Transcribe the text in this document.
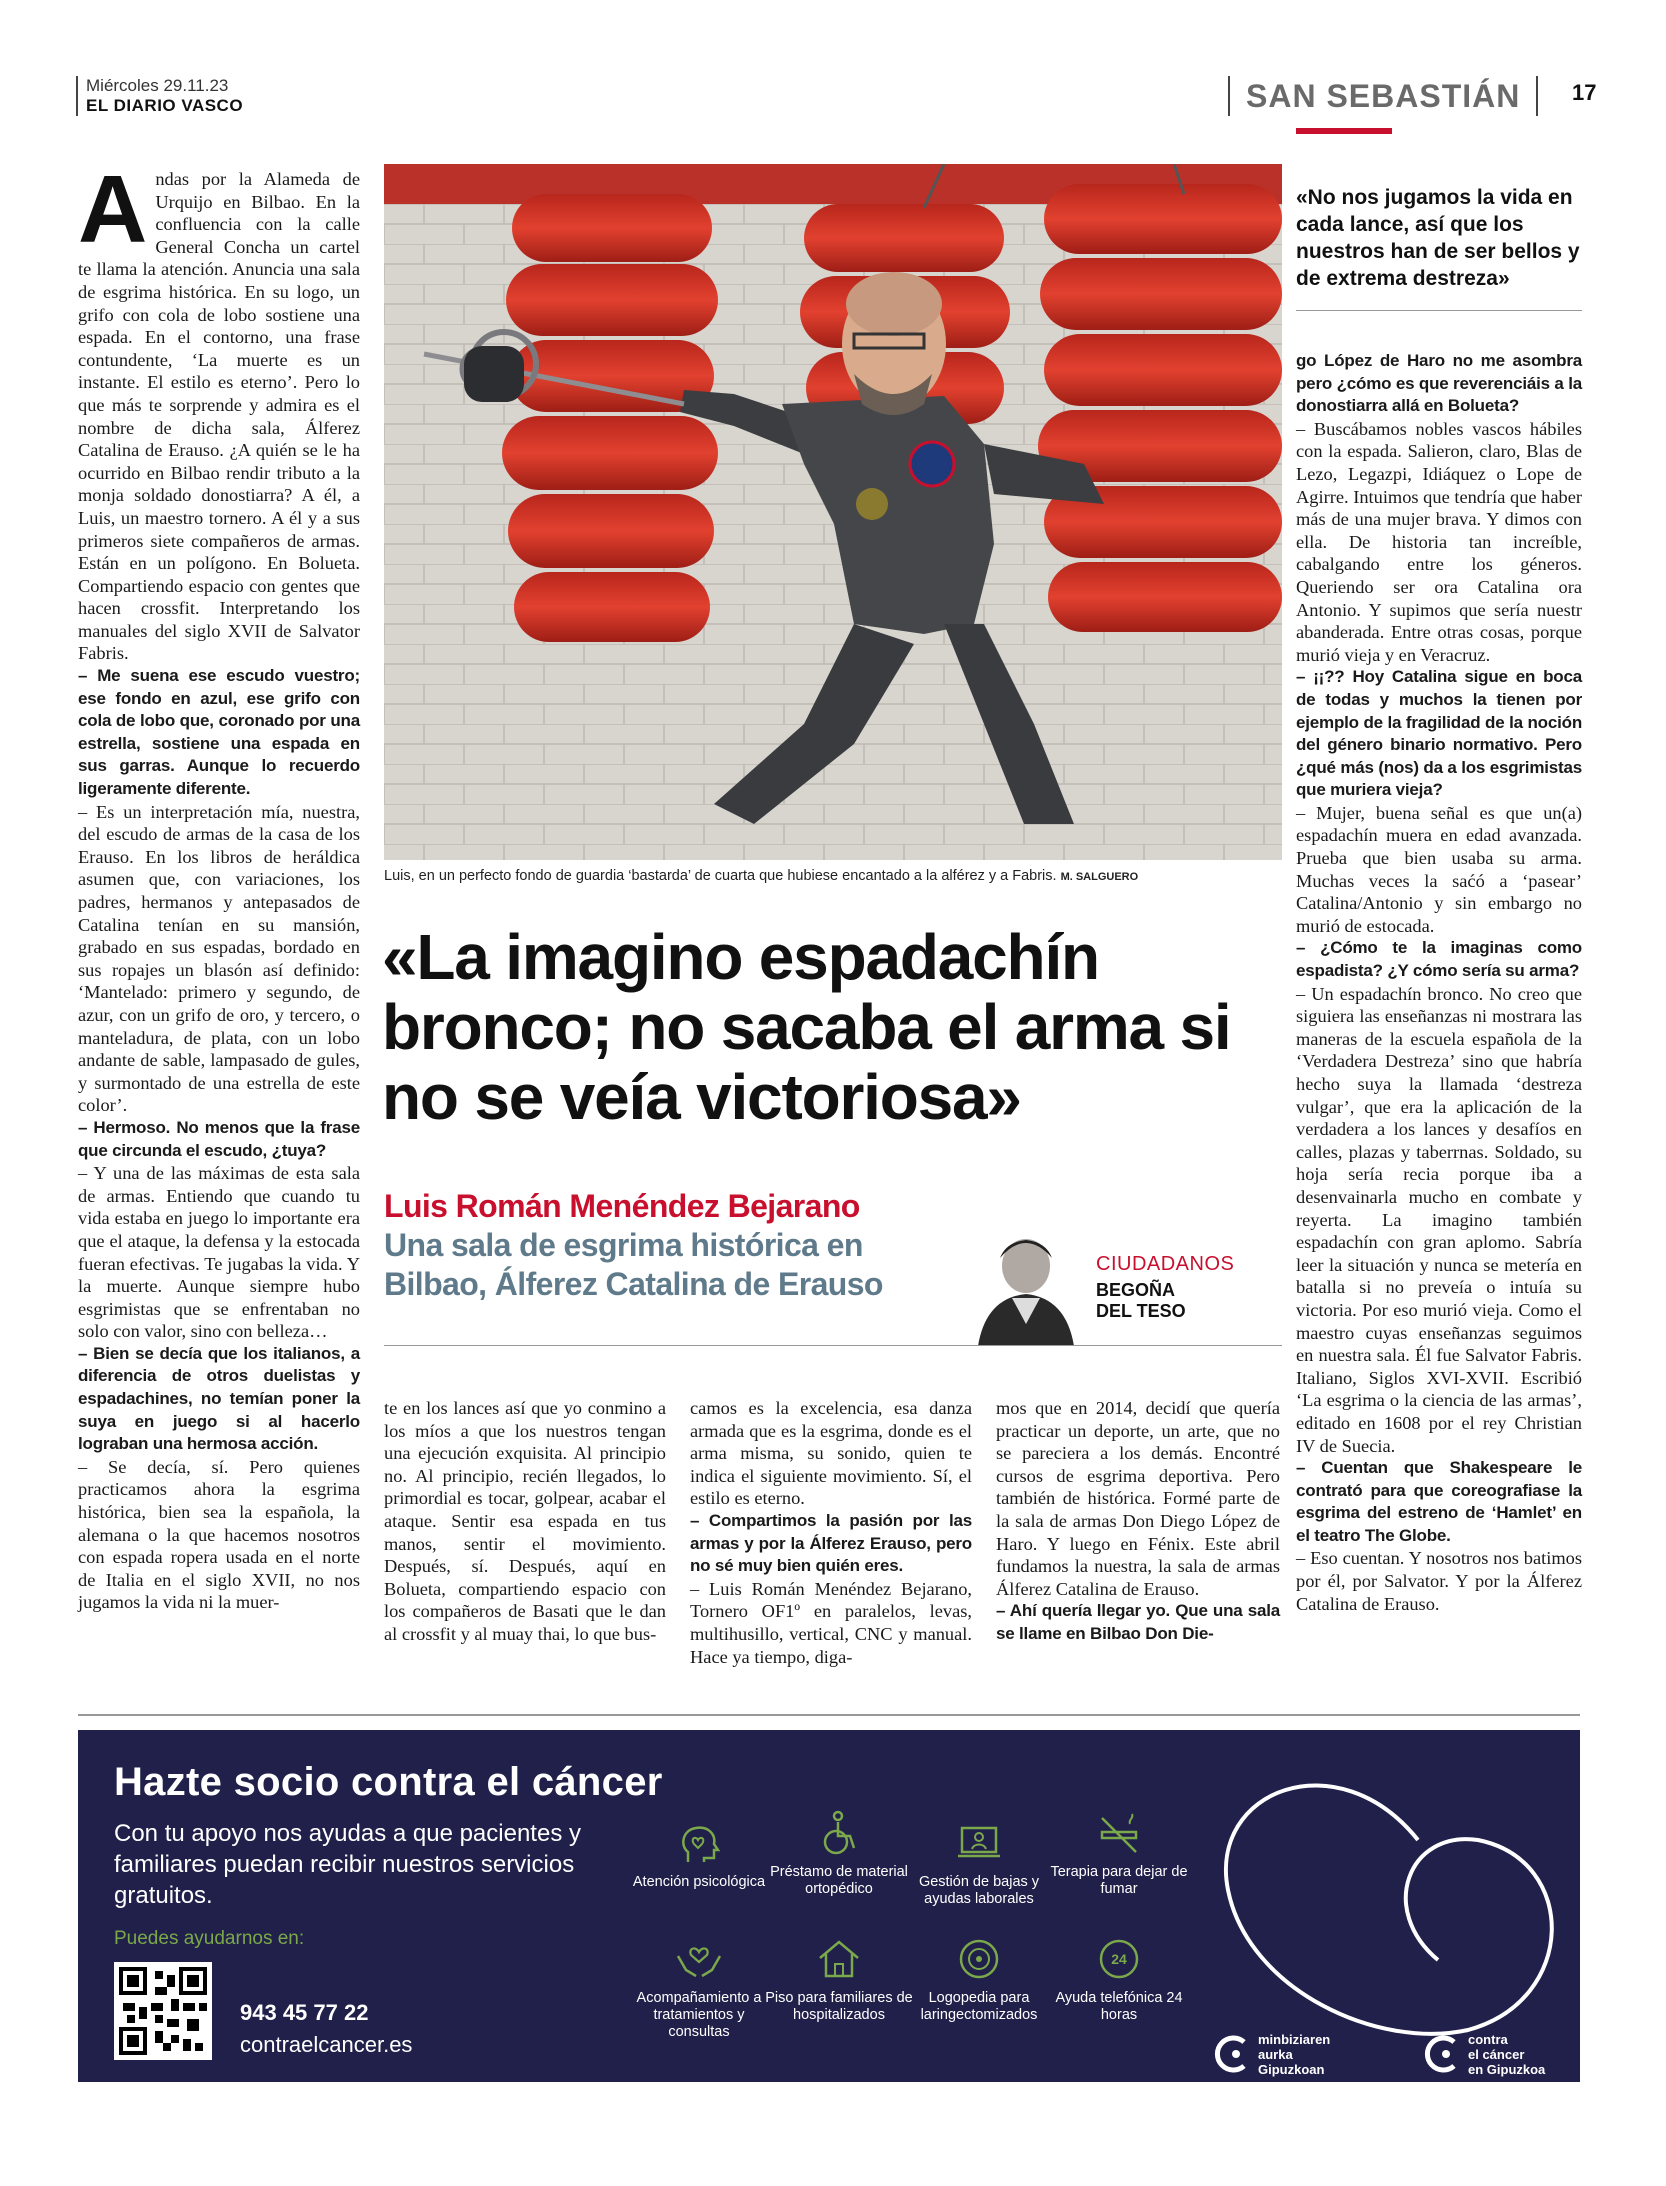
Miércoles 29.11.23
EL DIARIO VASCO	SAN SEBASTIÁN	17
A ndas por la Alameda de Urquijo en Bilbao. En la confluencia con la calle General Concha un cartel te llama la atención. Anuncia una sala de esgrima histórica. En su logo, un grifo con cola de lobo sostiene una espada. En el contorno, una frase contundente, ‘La muerte es un instante. El estilo es eterno’. Pero lo que más te sorprende y admira es el nombre de dicha sala, Álferez Catalina de Erauso. ¿A quién se le ha ocurrido en Bilbao rendir tributo a la monja soldado donostiarra? A él, a Luis, un maestro tornero. A él y a sus primeros siete compañeros de armas. Están en un polígono. En Bolueta. Compartiendo espacio con gentes que hacen crossfit. Interpretando los manuales del siglo XVII de Salvator Fabris.

– Me suena ese escudo vuestro; ese fondo en azul, ese grifo con cola de lobo que, coronado por una estrella, sostiene una espada en sus garras. Aunque lo recuerdo ligeramente diferente.

– Es un interpretación mía, nuestra, del escudo de armas de la casa de los Erauso. En los libros de heráldica asumen que, con variaciones, los padres, hermanos y antepasados de Catalina tenían en su mansión, grabado en sus espadas, bordado en sus ropajes un blasón así definido: ‘Mantelado: primero y segundo, de azur, con un grifo de oro, y tercero, o manteladura, de plata, con un lobo andante de sable, lampasado de gules, y surmontado de una estrella de este color’.

– Hermoso. No menos que la frase que circunda el escudo, ¿tuya?

– Y una de las máximas de esta sala de armas. Entiendo que cuando tu vida estaba en juego lo importante era que el ataque, la defensa y la estocada fueran efectivas. Te jugabas la vida. Y la muerte. Aunque siempre hubo esgrimistas que se enfrentaban no solo con valor, sino con belleza…

– Bien se decía que los italianos, a diferencia de otros duelistas y espadachines, no temían poner la suya en juego si al hacerlo lograban una hermosa acción.

– Se decía, sí. Pero quienes practicamos ahora la esgrima histórica, bien sea la española, la alemana o la que hacemos nosotros con espada ropera usada en el norte de Italia en el siglo XVII, no nos jugamos la vida ni la muer-

Luis, en un perfecto fondo de guardia ‘bastarda’ de cuarta que hubiese encantado a la alférez y a Fabris. M. SALGUERO
«La imagino espadachín bronco; no sacaba el arma si no se veía victoriosa»
Luis Román Menéndez Bejarano
Una sala de esgrima histórica en Bilbao, Álferez Catalina de Erauso
CIUDADANOS
BEGOÑA
DEL TESO

te en los lances así que yo conmino a los míos a que los nuestros tengan una ejecución exquisita. Al principio no. Al principio, recién llegados, lo primordial es tocar, golpear, acabar el ataque. Sentir esa espada en tus manos, sentir el movimiento. Después, sí. Después, aquí en Bolueta, compartiendo espacio con los compañeros de Basati que le dan al crossfit y al muay thai, lo que bus-

camos es la excelencia, esa danza armada que es la esgrima, donde es el arma misma, su sonido, quien te indica el siguiente movimiento. Sí, el estilo es eterno.

– Compartimos la pasión por las armas y por la Álferez Erauso, pero no sé muy bien quién eres.

– Luis Román Menéndez Bejarano, Tornero OF1º en paralelos, levas, multihusillo, vertical, CNC y manual. Hace ya tiempo, diga-

mos que en 2014, decidí que quería practicar un deporte, un arte, que no se pareciera a los demás. Encontré cursos de esgrima deportiva. Pero también de histórica. Formé parte de la sala de armas Don Diego López de Haro. Y luego en Fénix. Este abril fundamos la nuestra, la sala de armas Álferez Catalina de Erauso.

– Ahí quería llegar yo. Que una sala se llame en Bilbao Don Die-

«No nos jugamos la vida en cada lance, así que los nuestros han de ser bellos y de extrema destreza»

go López de Haro no me asombra pero ¿cómo es que reverenciáis a la donostiarra allá en Bolueta?

– Buscábamos nobles vascos hábiles con la espada. Salieron, claro, Blas de Lezo, Legazpi, Idiáquez o Lope de Agirre. Intuimos que tendría que haber más de una mujer brava. Y dimos con ella. De historia tan increíble, cabalgando entre los géneros. Queriendo ser ora Catalina ora Antonio. Y supimos que sería nuestr abanderada. Entre otras cosas, porque murió vieja y en Veracruz.

– ¡¡?? Hoy Catalina sigue en boca de todas y muchos la tienen por ejemplo de la fragilidad de la noción del género binario normativo. Pero ¿qué más (nos) da a los esgrimistas que muriera vieja?

– Mujer, buena señal es que un(a) espadachín muera en edad avanzada. Prueba que bien usaba su arma. Muchas veces la saćó a ‘pasear’ Catalina/Antonio y sin embargo no murió de estocada.

– ¿Cómo te la imaginas como espadista? ¿Y cómo sería su arma?

– Un espadachín bronco. No creo que siguiera las enseñanzas ni mostrara las maneras de la escuela española de la ‘Verdadera Destreza’ sino que habría hecho suya la llamada ‘destreza vulgar’, que era la aplicación de la verdadera a los lances y desafíos en calles, plazas y taberrnas. Soldado, su hoja sería recia porque iba a desenvainarla mucho en combate y reyerta. La imagino también espadachín con gran aplomo. Sabría leer la situación y nunca se metería en batalla si no preveía o intuía su victoria. Por eso murió vieja. Como el maestro cuyas enseñanzas seguimos en nuestra sala. Él fue Salvator Fabris. Italiano, Siglos XVI-XVII. Escribió ‘La esgrima o la ciencia de las armas’, editado en 1608 por el rey Christian IV de Suecia.

– Cuentan que Shakespeare le contrató para que coreografiase la esgrima del estreno de ‘Hamlet’ en el teatro The Globe.

– Eso cuentan. Y nosotros nos batimos por él, por Salvator. Y por la Álferez Catalina de Erauso.

Hazte socio contra el cáncer
Con tu apoyo nos ayudas a que pacientes y familiares puedan recibir nuestros servicios gratuitos.
Puedes ayudarnos en:
943 45 77 22
contraelcancer.es
Atención psicológica
Préstamo de material ortopédico	Gestión de bajas y ayudas laborales
Terapia para dejar de fumar
Acompañamiento a tratamientos y consultas
Piso para familiares de hospitalizados
Logopedia para laringectomizados
24
Ayuda telefónica 24 horas
minbiziaren
aurka
Gipuzkoan
contra
el cáncer
en Gipuzkoa
